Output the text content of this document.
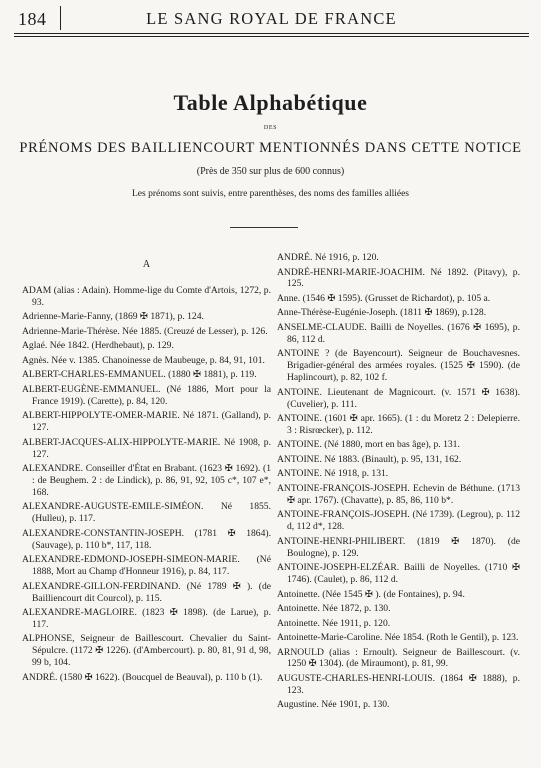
184	LE SANG ROYAL DE FRANCE
Table Alphabétique
DES
PRÉNOMS DES BAILLIENCOURT MENTIONNÉS DANS CETTE NOTICE
(Près de 350 sur plus de 600 connus)
Les prénoms sont suivis, entre parenthèses, des noms des familles alliées
A

ADAM (alias : Adain). Homme-lige du Comte d'Artois, 1272, p. 93.

Adrienne-Marie-Fanny, (1869 ✠ 1871), p. 124.

Adrienne-Marie-Thérèse. Née 1885. (Creuzé de Lesser), p. 126.

Aglaé. Née 1842. (Herdhebaut), p. 129.

Agnès. Née v. 1385. Chanoinesse de Maubeuge, p. 84, 91, 101.

ALBERT-CHARLES-EMMANUEL. (1880 ✠ 1881), p. 119.

ALBERT-EUGÈNE-EMMANUEL. (Né 1886, Mort pour la France 1919). (Carette), p. 84, 120.

ALBERT-HIPPOLYTE-OMER-MARIE. Né 1871. (Galland), p. 127.

ALBERT-JACQUES-ALIX-HIPPOLYTE-MARIE. Né 1908, p. 127.

ALEXANDRE. Conseiller d'État en Brabant. (1623 ✠ 1692). (1 : de Beughem. 2 : de Lindick), p. 86, 91, 92, 105 c*, 107 e*, 168.

ALEXANDRE-AUGUSTE-EMILE-SIMÉON. Né 1855. (Hulleu), p. 117.

ALEXANDRE-CONSTANTIN-JOSEPH. (1781 ✠ 1864). (Sauvage), p. 110 b*, 117, 118.

ALEXANDRE-EDMOND-JOSEPH-SIMEON-MARIE. (Né 1888, Mort au Champ d'Honneur 1916), p. 84, 117.

ALEXANDRE-GILLON-FERDINAND. (Né 1789 ✠ ). (de Bailliencourt dit Courcol), p. 115.

ALEXANDRE-MAGLOIRE. (1823 ✠ 1898). (de Larue), p. 117.

ALPHONSE, Seigneur de Baillescourt. Chevalier du Saint-Sépulcre. (1172 ✠ 1226). (d'Ambercourt). p. 80, 81, 91 d, 98, 99 b, 104.

ANDRÉ. (1580 ✠ 1622). (Boucquel de Beauval), p. 110 b (1).

ANDRÉ. Né 1916, p. 120.

ANDRÉ-HENRI-MARIE-JOACHIM. Né 1892. (Pitavy), p. 125.

Anne. (1546 ✠ 1595). (Grusset de Richardot), p. 105 a.

Anne-Thérèse-Eugénie-Joseph. (1811 ✠ 1869), p.128.

ANSELME-CLAUDE. Bailli de Noyelles. (1676 ✠ 1695), p. 86, 112 d.

ANTOINE ? (de Bayencourt). Seigneur de Bouchavesnes. Brigadier-général des armées royales. (1525 ✠ 1590). (de Haplincourt), p. 82, 102 f.

ANTOINE. Lieutenant de Magnicourt. (v. 1571 ✠ 1638). (Cuvelier), p. 111.

ANTOINE. (1601 ✠ apr. 1665). (1 : du Moretz 2 : Delepierre. 3 : Risrœcker), p. 112.

ANTOINE. (Né 1880, mort en bas âge), p. 131.

ANTOINE. Né 1883. (Binault), p. 95, 131, 162.

ANTOINE. Né 1918, p. 131.

ANTOINE-FRANÇOIS-JOSEPH. Echevin de Béthune. (1713 ✠ apr. 1767). (Chavatte), p. 85, 86, 110 b*.

ANTOINE-FRANÇOIS-JOSEPH. (Né 1739). (Legrou), p. 112 d, 112 d*, 128.

ANTOINE-HENRI-PHILIBERT. (1819 ✠ 1870). (de Boulogne), p. 129.

ANTOINE-JOSEPH-ELZÉAR. Bailli de Noyelles. (1710 ✠ 1746). (Caulet), p. 86, 112 d.

Antoinette. (Née 1545 ✠ ). (de Fontaines), p. 94.

Antoinette. Née 1872, p. 130.

Antoinette. Née 1911, p. 120.

Antoinette-Marie-Caroline. Née 1854. (Roth le Gentil), p. 123.

ARNOULD (alias : Ernoult). Seigneur de Baillescourt. (v. 1250 ✠ 1304). (de Miraumont), p. 81, 99.

AUGUSTE-CHARLES-HENRI-LOUIS. (1864 ✠ 1888), p. 123.

Augustine. Née 1901, p. 130.
